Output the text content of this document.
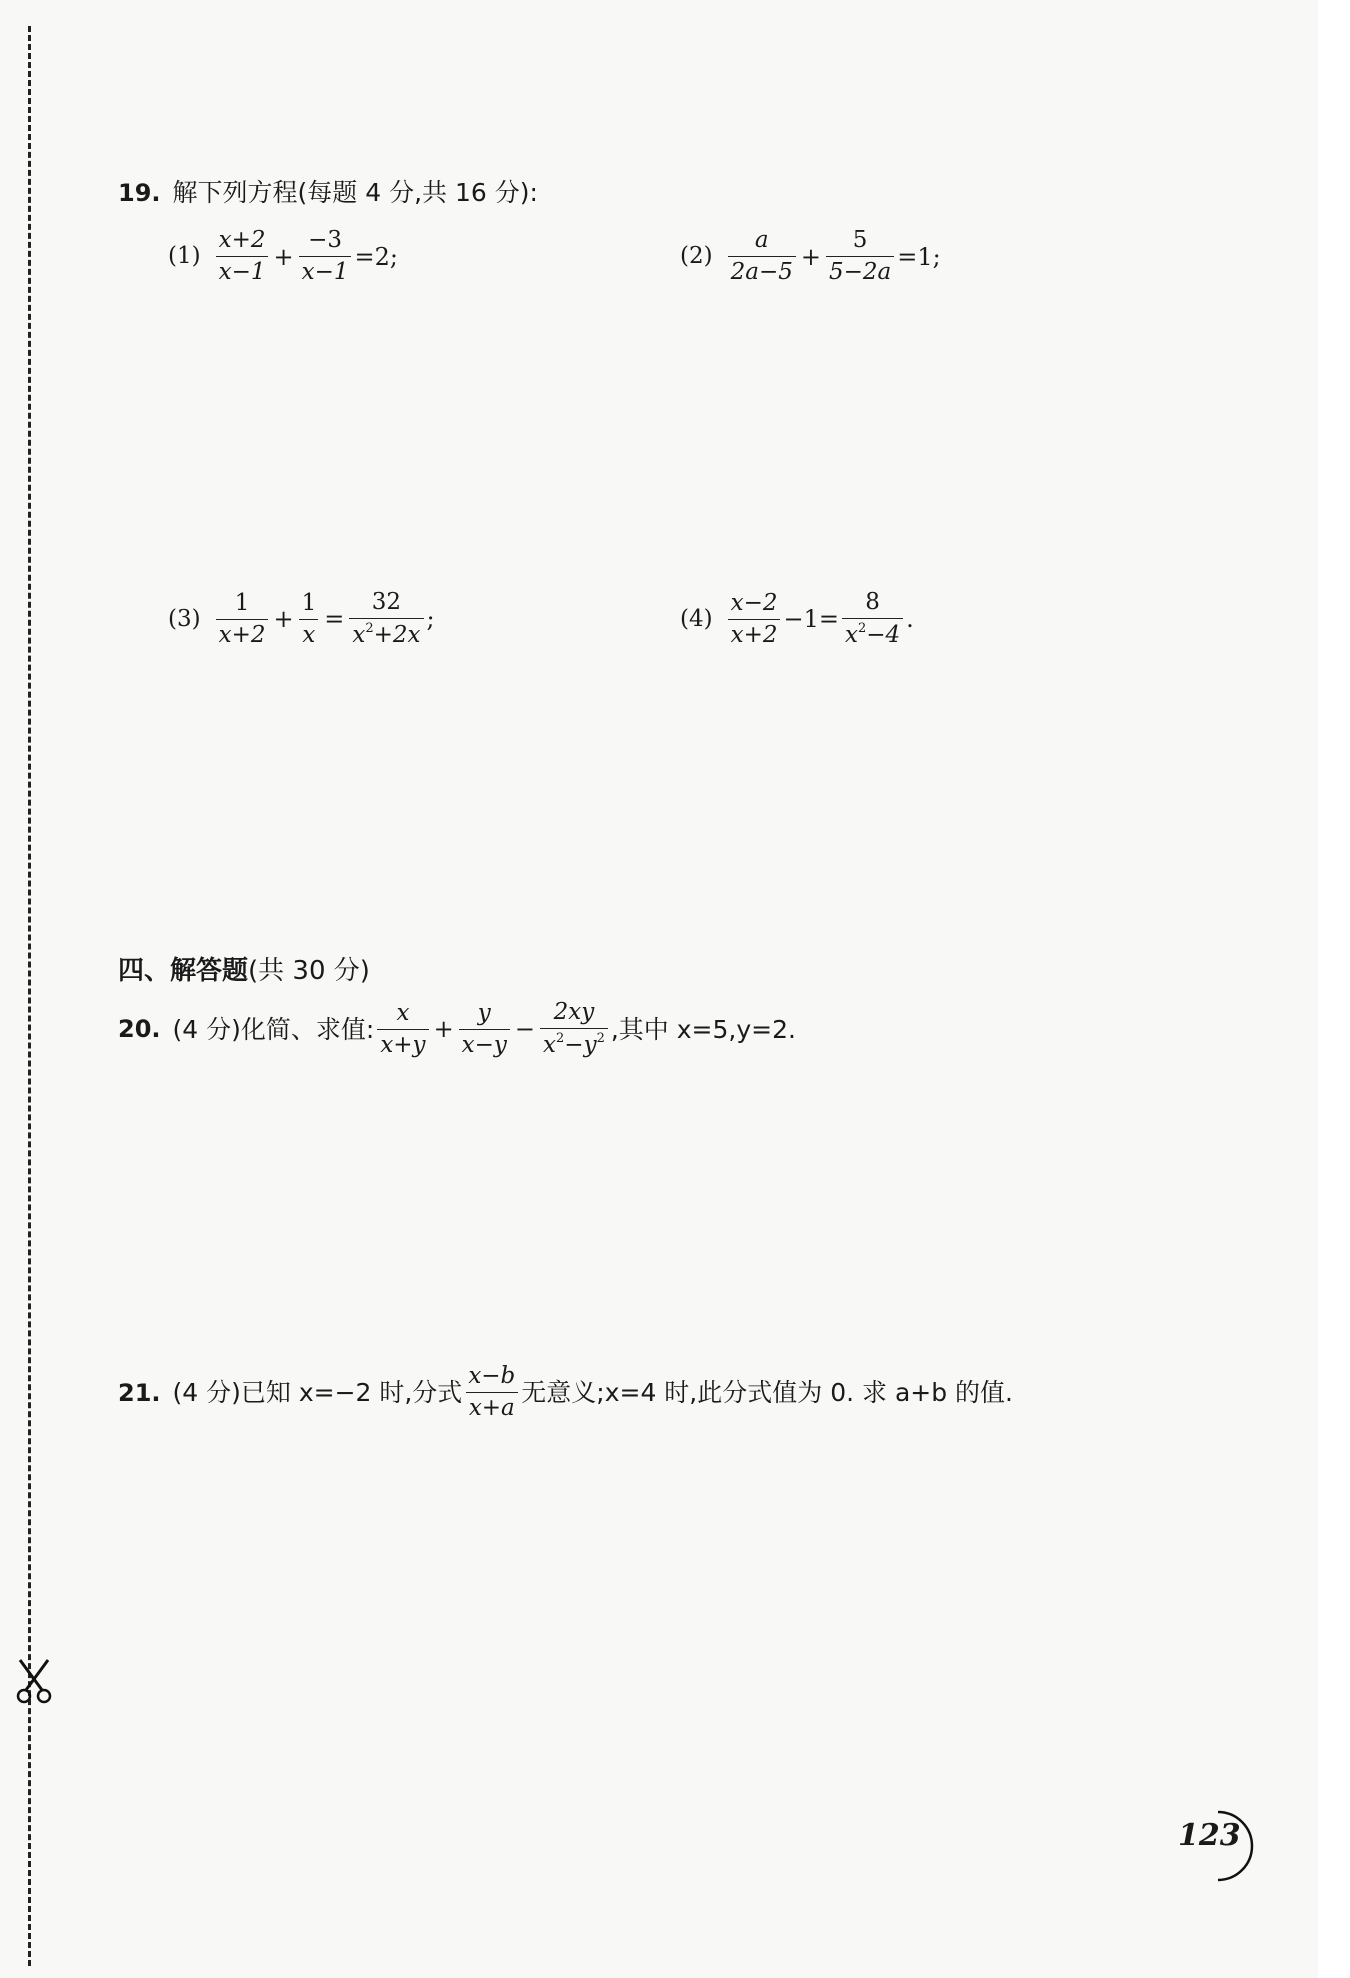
19. 解下列方程(每题 4 分,共 16 分):
$(1) \frac{x+2}{x-1} + \frac{-3}{x-1} =2$;	$(2) \frac{a}{2a-5} + \frac{5}{5-2a} =1$;
$(3) \frac{1}{x+2} + \frac{1}{x} = \frac{32}{x^2+2x}$ ;	$(4) \frac{x-2}{x+2} -1= \frac{8}{x^2-4}$ .
四、解答题(共 30 分)
20. (4 分)化简、求值: $\frac{x}{x+y} + \frac{y}{x-y} - \frac{2xy}{x^2-y^2}$ ,其中 x=5,y=2.
21. (4 分)已知 x=−2 时,分式 $\frac{x-b}{x+a}$ 无意义;x=4 时,此分式值为 0. 求 a+b 的值.
123
